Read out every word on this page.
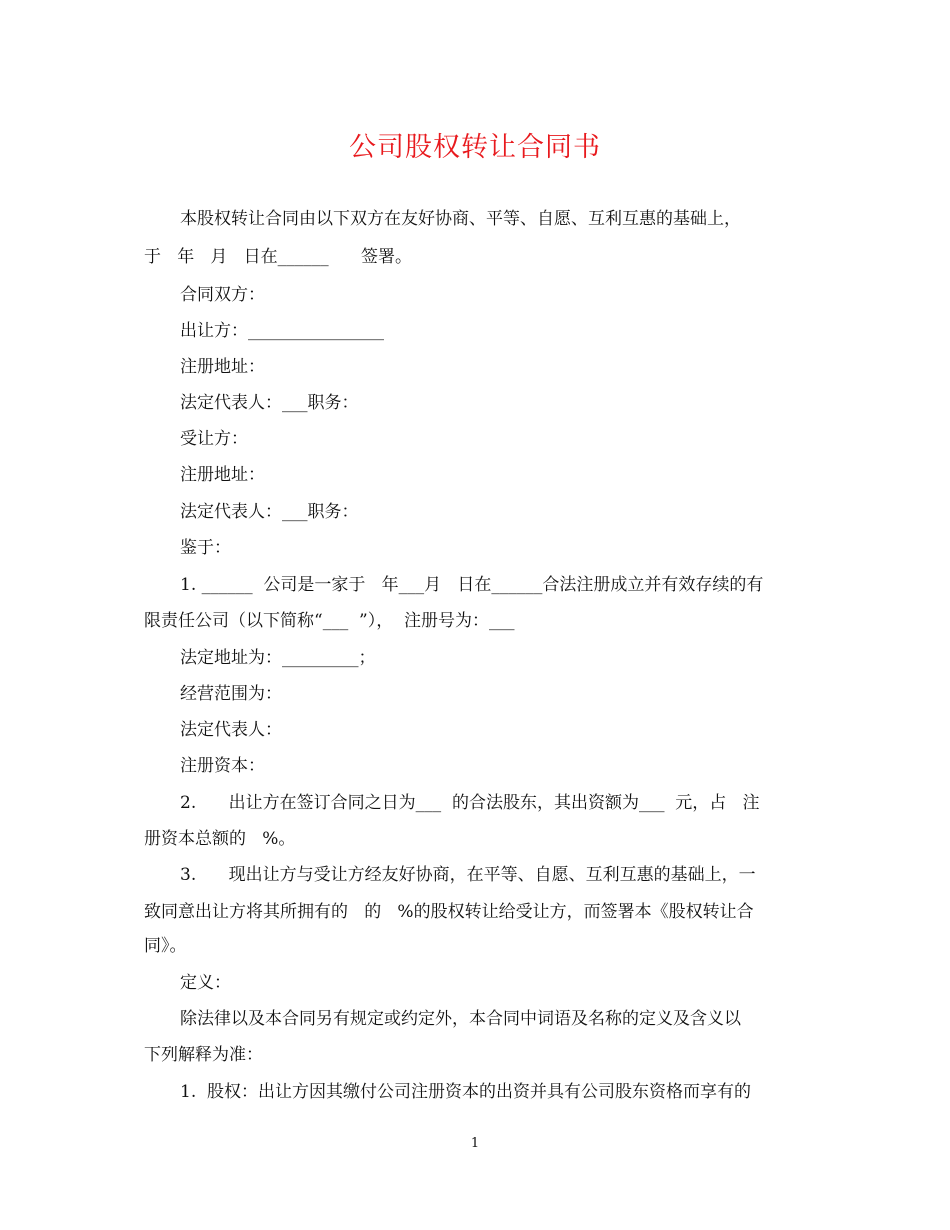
公司股权转让合同书
本股权转让合同由以下双方在友好协商、平等、自愿、互利互惠的基础上，
于   年   月   日在______      签署。
合同双方：
出让方：________________
注册地址：
法定代表人：___职务：
受让方：
注册地址：
法定代表人：___职务：
鉴于：
1. ______  公司是一家于   年___月   日在______合法注册成立并有效存续的有
限责任公司（以下简称“___  ”），  注册号为：___
法定地址为：_________；
经营范围为：
法定代表人：
注册资本：
2.      出让方在签订合同之日为___  的合法股东，其出资额为___  元，占   注
册资本总额的   %。
3.      现出让方与受让方经友好协商，在平等、自愿、互利互惠的基础上，一
致同意出让方将其所拥有的   的   %的股权转让给受让方，而签署本《股权转让合
同》。
定义：
除法律以及本合同另有规定或约定外，本合同中词语及名称的定义及含义以
下列解释为准：
1.  股权：出让方因其缴付公司注册资本的出资并具有公司股东资格而享有的
1
